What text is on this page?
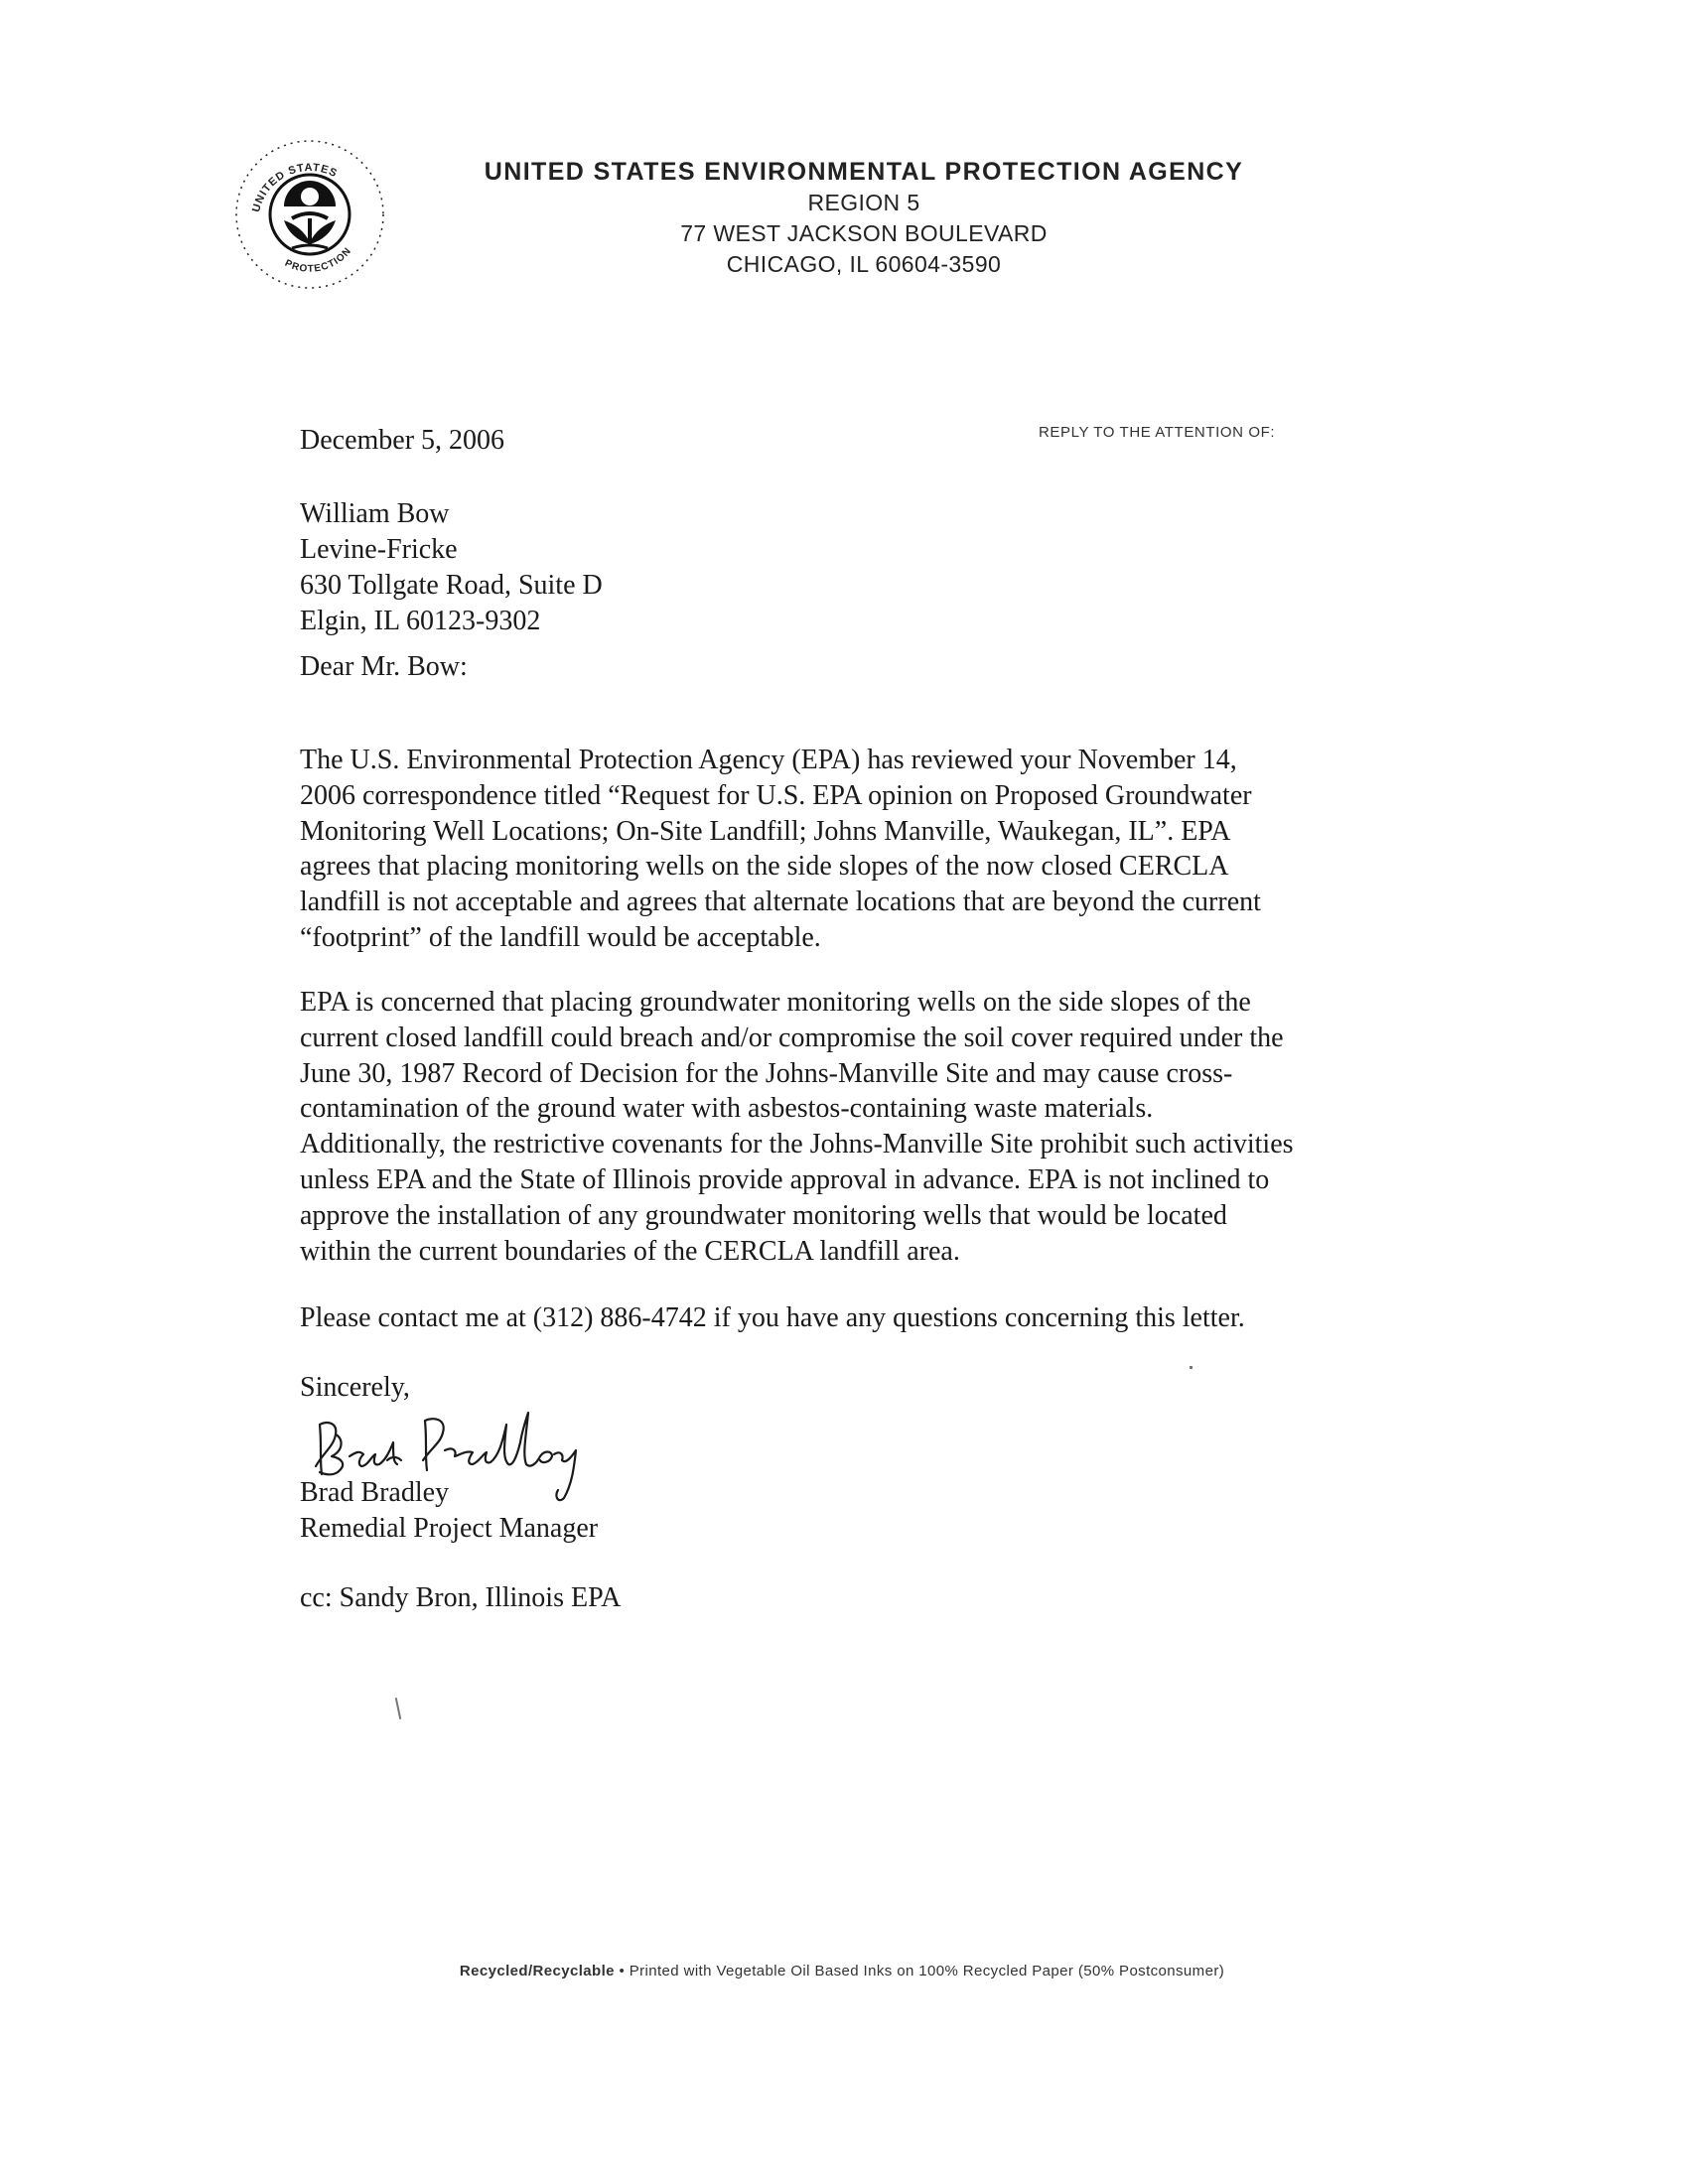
UNITED STATES
PROTECTION
UNITED STATES ENVIRONMENTAL PROTECTION AGENCY
REGION 5
77 WEST JACKSON BOULEVARD
CHICAGO, IL 60604-3590
December 5, 2006	REPLY TO THE ATTENTION OF:
William Bow
Levine-Fricke
630 Tollgate Road, Suite D
Elgin, IL 60123-9302
Dear Mr. Bow:
The U.S. Environmental Protection Agency (EPA) has reviewed your November 14,
2006 correspondence titled “Request for U.S. EPA opinion on Proposed Groundwater
Monitoring Well Locations; On-Site Landfill; Johns Manville, Waukegan, IL”. EPA
agrees that placing monitoring wells on the side slopes of the now closed CERCLA
landfill is not acceptable and agrees that alternate locations that are beyond the current
“footprint” of the landfill would be acceptable.
EPA is concerned that placing groundwater monitoring wells on the side slopes of the
current closed landfill could breach and/or compromise the soil cover required under the
June 30, 1987 Record of Decision for the Johns-Manville Site and may cause cross-
contamination of the ground water with asbestos-containing waste materials.
Additionally, the restrictive covenants for the Johns-Manville Site prohibit such activities
unless EPA and the State of Illinois provide approval in advance. EPA is not inclined to
approve the installation of any groundwater monitoring wells that would be located
within the current boundaries of the CERCLA landfill area.
Please contact me at (312) 886-4742 if you have any questions concerning this letter.
Sincerely,
Brad Bradley
Remedial Project Manager
cc: Sandy Bron, Illinois EPA
Recycled/Recyclable • Printed with Vegetable Oil Based Inks on 100% Recycled Paper (50% Postconsumer)
